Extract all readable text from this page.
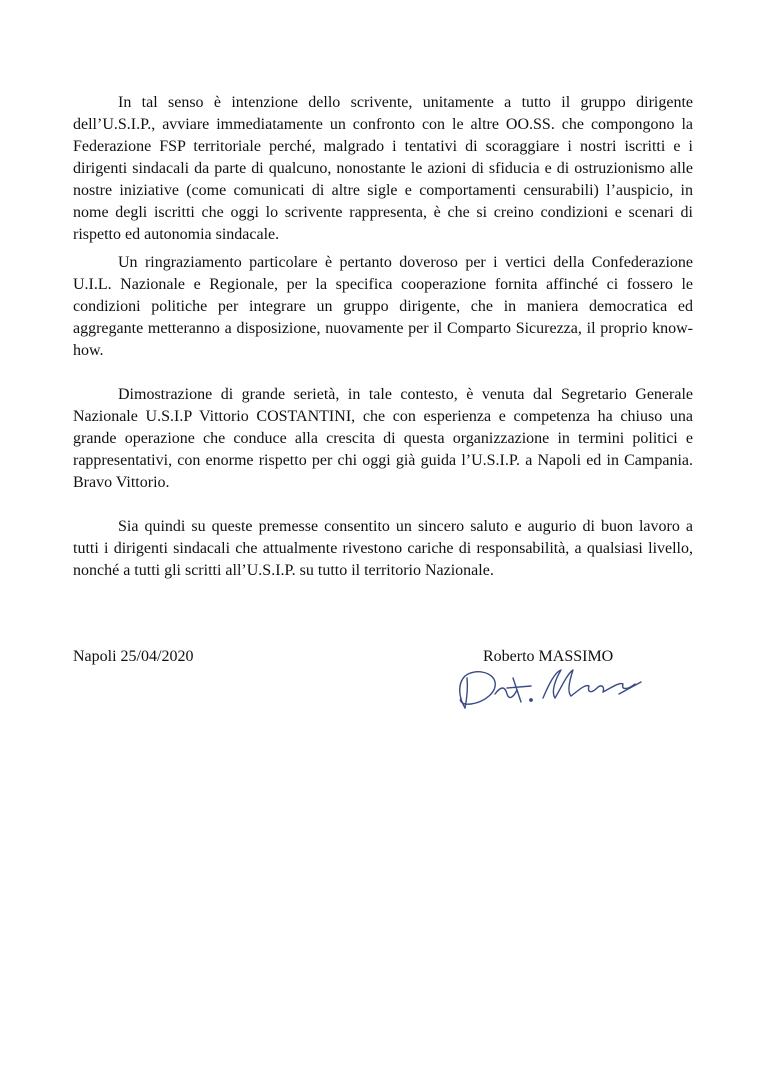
In tal senso è intenzione dello scrivente, unitamente a tutto il gruppo dirigente dell’U.S.I.P., avviare immediatamente un confronto con le altre OO.SS. che compongono la Federazione FSP territoriale perché, malgrado i tentativi di scoraggiare i nostri iscritti e i dirigenti sindacali da parte di qualcuno, nonostante le azioni di sfiducia e di ostruzionismo alle nostre iniziative (come comunicati di altre sigle e comportamenti censurabili) l’auspicio, in nome degli iscritti che oggi lo scrivente rappresenta, è che si creino condizioni e scenari di rispetto ed autonomia sindacale.

Un ringraziamento particolare è pertanto doveroso per i vertici della Confederazione U.I.L. Nazionale e Regionale, per la specifica cooperazione fornita affinché ci fossero le condizioni politiche per integrare un gruppo dirigente, che in maniera democratica ed aggregante metteranno a disposizione, nuovamente per il Comparto Sicurezza, il proprio know-how.

Dimostrazione di grande serietà, in tale contesto, è venuta dal Segretario Generale Nazionale U.S.I.P Vittorio COSTANTINI, che con esperienza e competenza ha chiuso una grande operazione che conduce alla crescita di questa organizzazione in termini politici e rappresentativi, con enorme rispetto per chi oggi già guida l’U.S.I.P. a Napoli ed in Campania. Bravo Vittorio.

Sia quindi su queste premesse consentito un sincero saluto e augurio di buon lavoro a tutti i dirigenti sindacali che attualmente rivestono cariche di responsabilità, a qualsiasi livello, nonché a tutti gli scritti all’U.S.I.P. su tutto il territorio Nazionale.

Napoli 25/04/2020	Roberto MASSIMO
